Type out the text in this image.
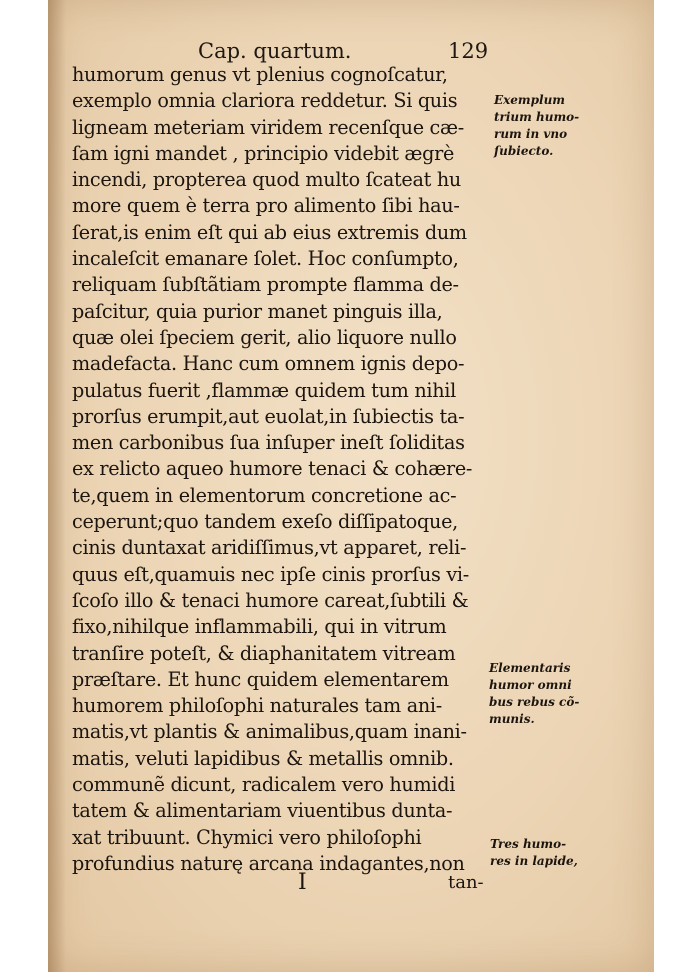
Cap. quartum.	129
humorum genus vt plenius cognoſcatur,
exemplo omnia clariora reddetur. Si quis
ligneam meteriam viridem recenſque cæ-
ſam igni mandet , principio videbit ægrè
incendi, propterea quod multo ſcateat hu
more quem è terra pro alimento ſibi hau-
ſerat,is enim eſt qui ab eius extremis dum
incaleſcit emanare ſolet. Hoc conſumpto,
reliquam ſubſtãtiam prompte flamma de-
paſcitur, quia purior manet pinguis illa,
quæ olei ſpeciem gerit, alio liquore nullo
madefacta. Hanc cum omnem ignis depo-
pulatus fuerit ,flammæ quidem tum nihil
prorſus erumpit,aut euolat,in ſubiectis ta-
men carbonibus ſua inſuper ineſt ſoliditas
ex relicto aqueo humore tenaci & cohære-
te,quem in elementorum concretione ac-
ceperunt;quo tandem exeſo diſſipatoque,
cinis duntaxat aridiſſimus,vt apparet, reli-
quus eſt,quamuis nec ipſe cinis prorſus vi-
ſcoſo illo & tenaci humore careat,ſubtili &
fixo,nihilque inflammabili, qui in vitrum
tranſire poteſt, & diaphanitatem vitream
præſtare. Et hunc quidem elementarem
humorem philoſophi naturales tam ani-
matis,vt plantis & animalibus,quam inani-
matis, veluti lapidibus & metallis omnib.
communẽ dicunt, radicalem vero humidi
tatem & alimentariam viuentibus dunta-
xat tribuunt. Chymici vero philoſophi
profundius naturę arcana indagantes,non
Exemplum
trium humo-
rum in vno
ſubiecto.
Elementaris
humor omni
bus rebus cõ-
munis.
Tres humo-
res in lapide,
I	tan-
